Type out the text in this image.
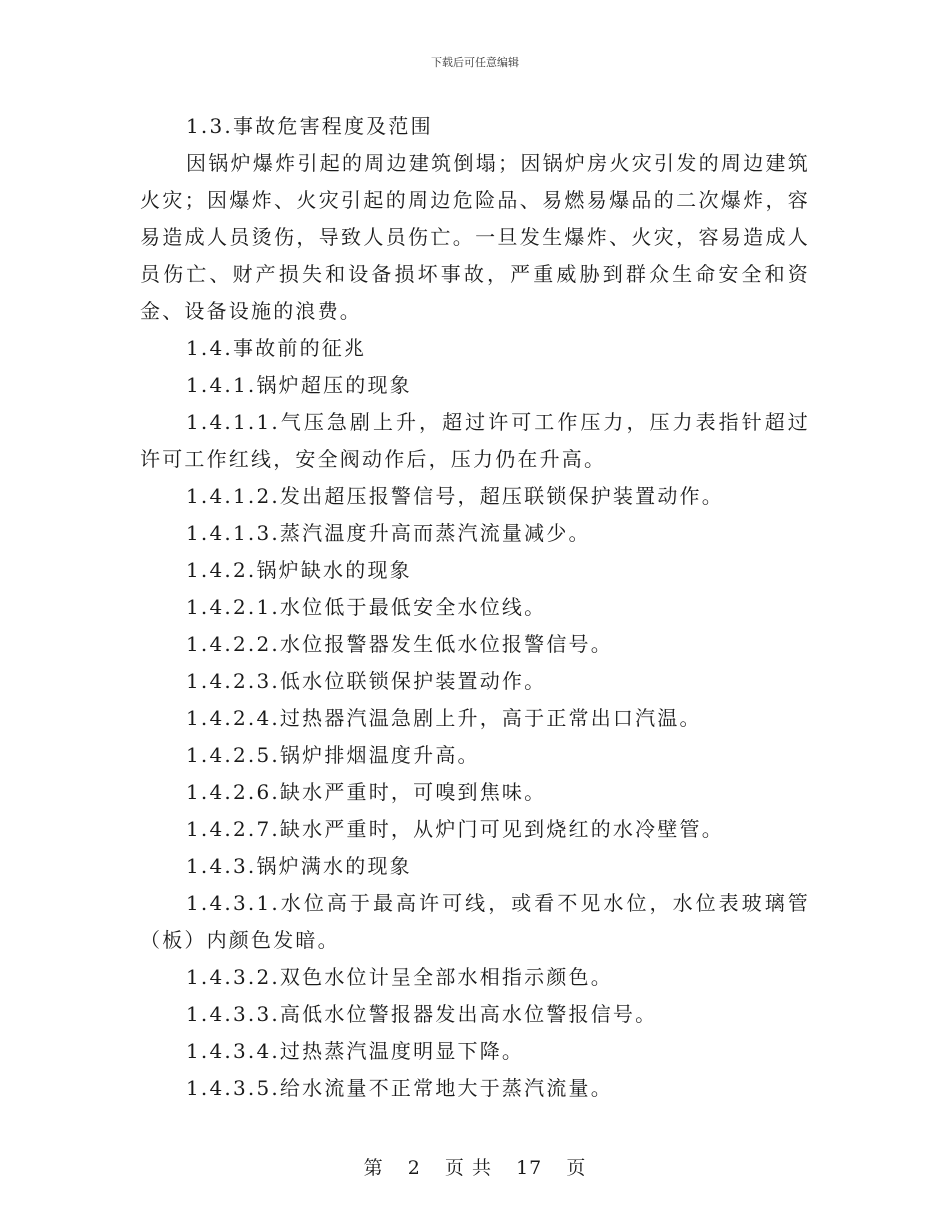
下载后可任意编辑

1.3.事故危害程度及范围

因锅炉爆炸引起的周边建筑倒塌；因锅炉房火灾引发的周边建筑火灾；因爆炸、火灾引起的周边危险品、易燃易爆品的二次爆炸，容易造成人员烫伤，导致人员伤亡。一旦发生爆炸、火灾，容易造成人员伤亡、财产损失和设备损坏事故，严重威胁到群众生命安全和资金、设备设施的浪费。

1.4.事故前的征兆

1.4.1.锅炉超压的现象

1.4.1.1.气压急剧上升，超过许可工作压力，压力表指针超过许可工作红线，安全阀动作后，压力仍在升高。

1.4.1.2.发出超压报警信号，超压联锁保护装置动作。

1.4.1.3.蒸汽温度升高而蒸汽流量减少。

1.4.2.锅炉缺水的现象

1.4.2.1.水位低于最低安全水位线。

1.4.2.2.水位报警器发生低水位报警信号。

1.4.2.3.低水位联锁保护装置动作。

1.4.2.4.过热器汽温急剧上升，高于正常出口汽温。

1.4.2.5.锅炉排烟温度升高。

1.4.2.6.缺水严重时，可嗅到焦味。

1.4.2.7.缺水严重时，从炉门可见到烧红的水冷壁管。

1.4.3.锅炉满水的现象

1.4.3.1.水位高于最高许可线，或看不见水位，水位表玻璃管（板）内颜色发暗。

1.4.3.2.双色水位计呈全部水相指示颜色。

1.4.3.3.高低水位警报器发出高水位警报信号。

1.4.3.4.过热蒸汽温度明显下降。

1.4.3.5.给水流量不正常地大于蒸汽流量。

第 2 页 共 17 页
